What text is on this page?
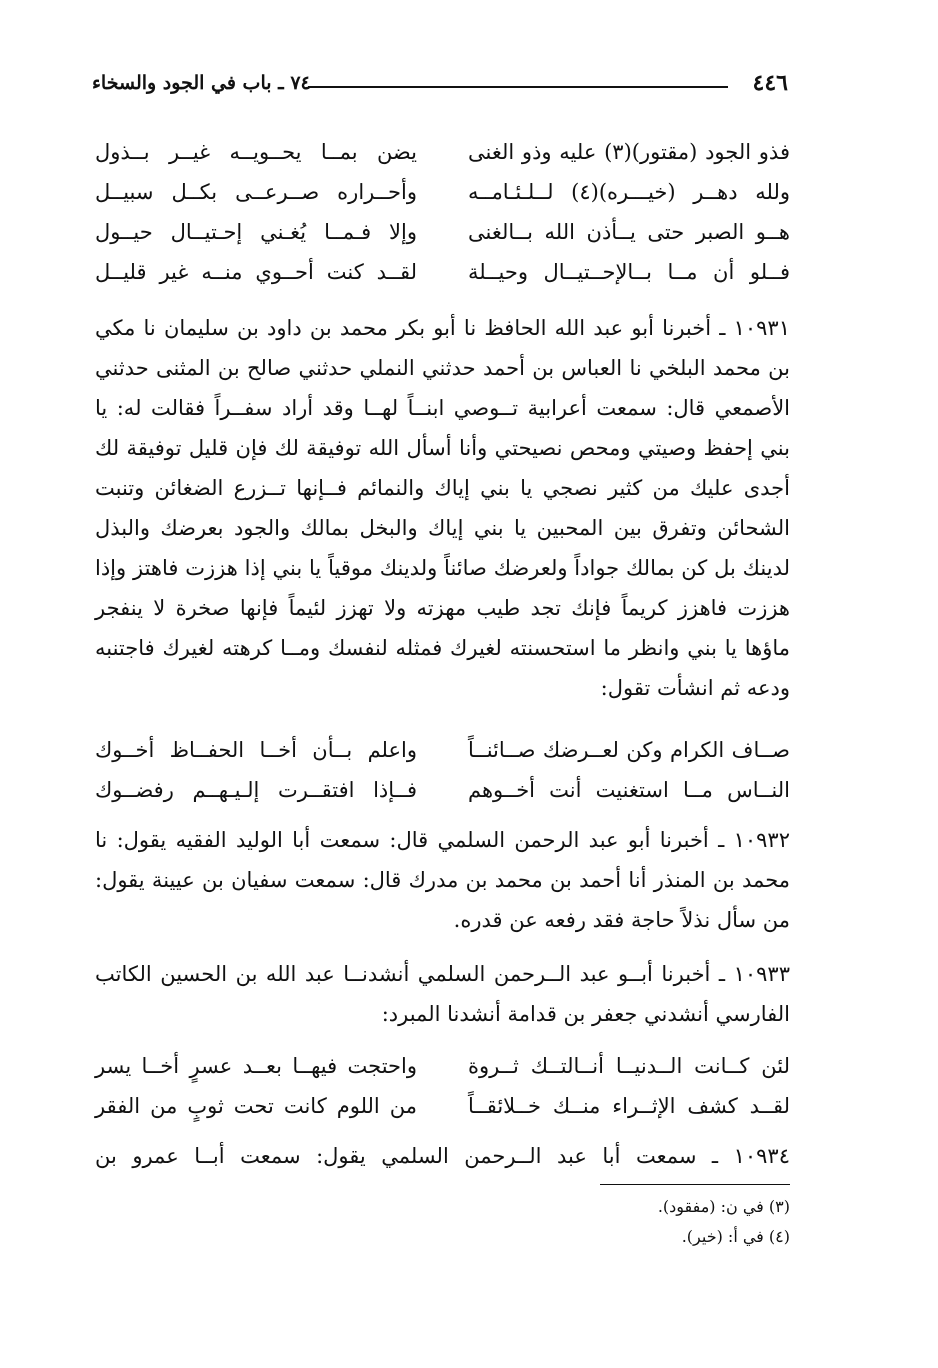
٤٤٦
٧٤ ـ باب في الجود والسخاء
فذو الجود (مقتور)(٣) عليه وذو الغنى
يضن بمــا يحــويــه غيــر بــذول
ولله دهــر (خيـــره)(٤) لــلـئـامــه
وأحــراره صــرعــى بكــل سبيــل
هــو الصبر حتى يــأذن الله بــالغنى
وإلا فـمــا يُغـني إحـتيــال حيــول
فــلو أن مــا بــالإحــتيــال وحيــلة
لقــد كنت أحــوي منــه غير قليــل

١٠٩٣١ ـ أخبرنا أبو عبد الله الحافظ نا أبو بكر محمد بن داود بن سليمان نا مكي بن محمد البلخي نا العباس بن أحمد حدثني النملي حدثني صالح بن المثنى حدثني الأصمعي قال: سمعت أعرابية تــوصي ابنــاً لهــا وقد أراد سفــراً فقالت له: يا بني إحفظ وصيتي ومحص نصيحتي وأنا أسأل الله توفيقة لك فإن قليل توفيقة لك أجدى عليك من كثير نصجي يا بني إياك والنمائم فــإنها تــزرع الضغائن وتنبت الشحائن وتفرق بين المحبين يا بني إياك والبخل بمالك والجود بعرضك والبذل لدينك بل كن بمالك جواداً ولعرضك صائناً ولدينك موقياً يا بني إذا هززت فاهتز وإذا هززت فاهزز كريماً فإنك تجد طيب مهزته ولا تهزز لئيماً فإنها صخرة لا ينفجر ماؤها يا بني وانظر ما استحسنته لغيرك فمثله لنفسك ومــا كرهته لغيرك فاجتنبه ودعه ثم انشأت تقول:

صــاف الكرام وكن لعــرضك صــائنــاً
واعلم بــأن أخــا الحفــاظ أخــوك
النــاس مــا استغنيت أنت أخــوهم
فــإذا افتقــرت إلـيـهــم رفضــوك

١٠٩٣٢ ـ أخبرنا أبو عبد الرحمن السلمي قال: سمعت أبا الوليد الفقيه يقول: نا محمد بن المنذر أنا أحمد بن محمد بن مدرك قال: سمعت سفيان بن عيينة يقول: من سأل نذلاً حاجة فقد رفعه عن قدره.

١٠٩٣٣ ـ أخبرنا أبــو عبد الــرحمن السلمي أنشدنــا عبد الله بن الحسين الكاتب الفارسي أنشدني جعفر بن قدامة أنشدنا المبرد:

لئن كــانت الــدنيــا أنــالتــك ثــروة
واحتجت فيهــا بعــد عسرٍ أخــا يسر
لقــد كشف الإثــراء منــك خــلائقــاً
من اللوم كانت تحت ثوبٍ من الفقر

١٠٩٣٤ ـ سمعت أبا عبد الــرحمن السلمي يقول: سمعت أبــا عمرو بن

(٣) في ن: (مفقود).
(٤) في أ: (خير).
